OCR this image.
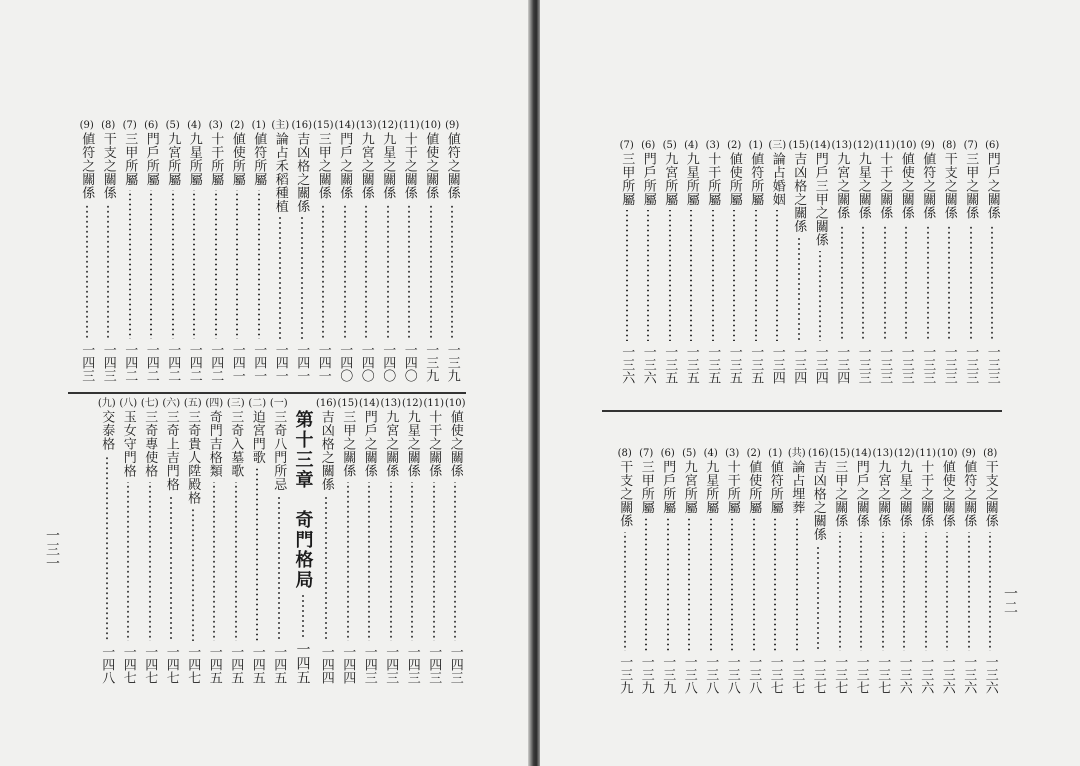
(9)
値符之關係
一三九
(10)
値使之關係
一三九
(11)
十干之關係
一四〇
(12)
九星之關係
一四〇
(13)
九宮之關係
一四〇
(14)
門戶之關係
一四〇
(15)
三甲之關係
一四一
(16)
吉凶格之關係
一四一
(主)
論占禾稻種植
一四一
(1)
値符所屬
一四一
(2)
値使所屬
一四一
(3)
十干所屬
一四二
(4)
九星所屬
一四二
(5)
九宮所屬
一四二
(6)
門戶所屬
一四二
(7)
三甲所屬
一四二
(8)
干支之關係
一四三
(9)
値符之關係
一四三
(10)
値使之關係
一四三
(11)
十干之關係
一四三
(12)
九星之關係
一四三
(13)
九宮之關係
一四三
(14)
門戶之關係
一四三
(15)
三甲之關係
一四四
(16)
吉凶格之關係
一四四
第十三章　奇門格局
一四五
(一)
三奇八門所忌
一四五
(二)
迫宮門歌
一四五
(三)
三奇入墓歌
一四五
(四)
奇門吉格類
一四五
(五)
三奇貴人陞殿格
一四七
(六)
三奇上吉門格
一四七
(七)
三奇專使格
一四七
(八)
玉女守門格
一四七
(九)
交泰格
一四八
一三一
(6)
門戶之關係
一三三
(7)
三甲之關係
一三三
(8)
干支之關係
一三三
(9)
値符之關係
一三三
(10)
値使之關係
一三三
(11)
十干之關係
一三三
(12)
九星之關係
一三三
(13)
九宮之關係
一三四
(14)
門戶三甲之關係
一三四
(15)
吉凶格之關係
一三四
(三)
論占婚姻
一三四
(1)
値符所屬
一三五
(2)
値使所屬
一三五
(3)
十干所屬
一三五
(4)
九星所屬
一三五
(5)
九宮所屬
一三五
(6)
門戶所屬
一三六
(7)
三甲所屬
一三六
(8)
干支之關係
一三六
(9)
値符之關係
一三六
(10)
値使之關係
一三六
(11)
十干之關係
一三六
(12)
九星之關係
一三六
(13)
九宮之關係
一三七
(14)
門戶之關係
一三七
(15)
三甲之關係
一三七
(16)
吉凶格之關係
一三七
(共)
論占埋葬
一三七
(1)
値符所屬
一三七
(2)
値使所屬
一三八
(3)
十干所屬
一三八
(4)
九星所屬
一三八
(5)
九宮所屬
一三八
(6)
門戶所屬
一三九
(7)
三甲所屬
一三九
(8)
干支之關係
一三九
一二
